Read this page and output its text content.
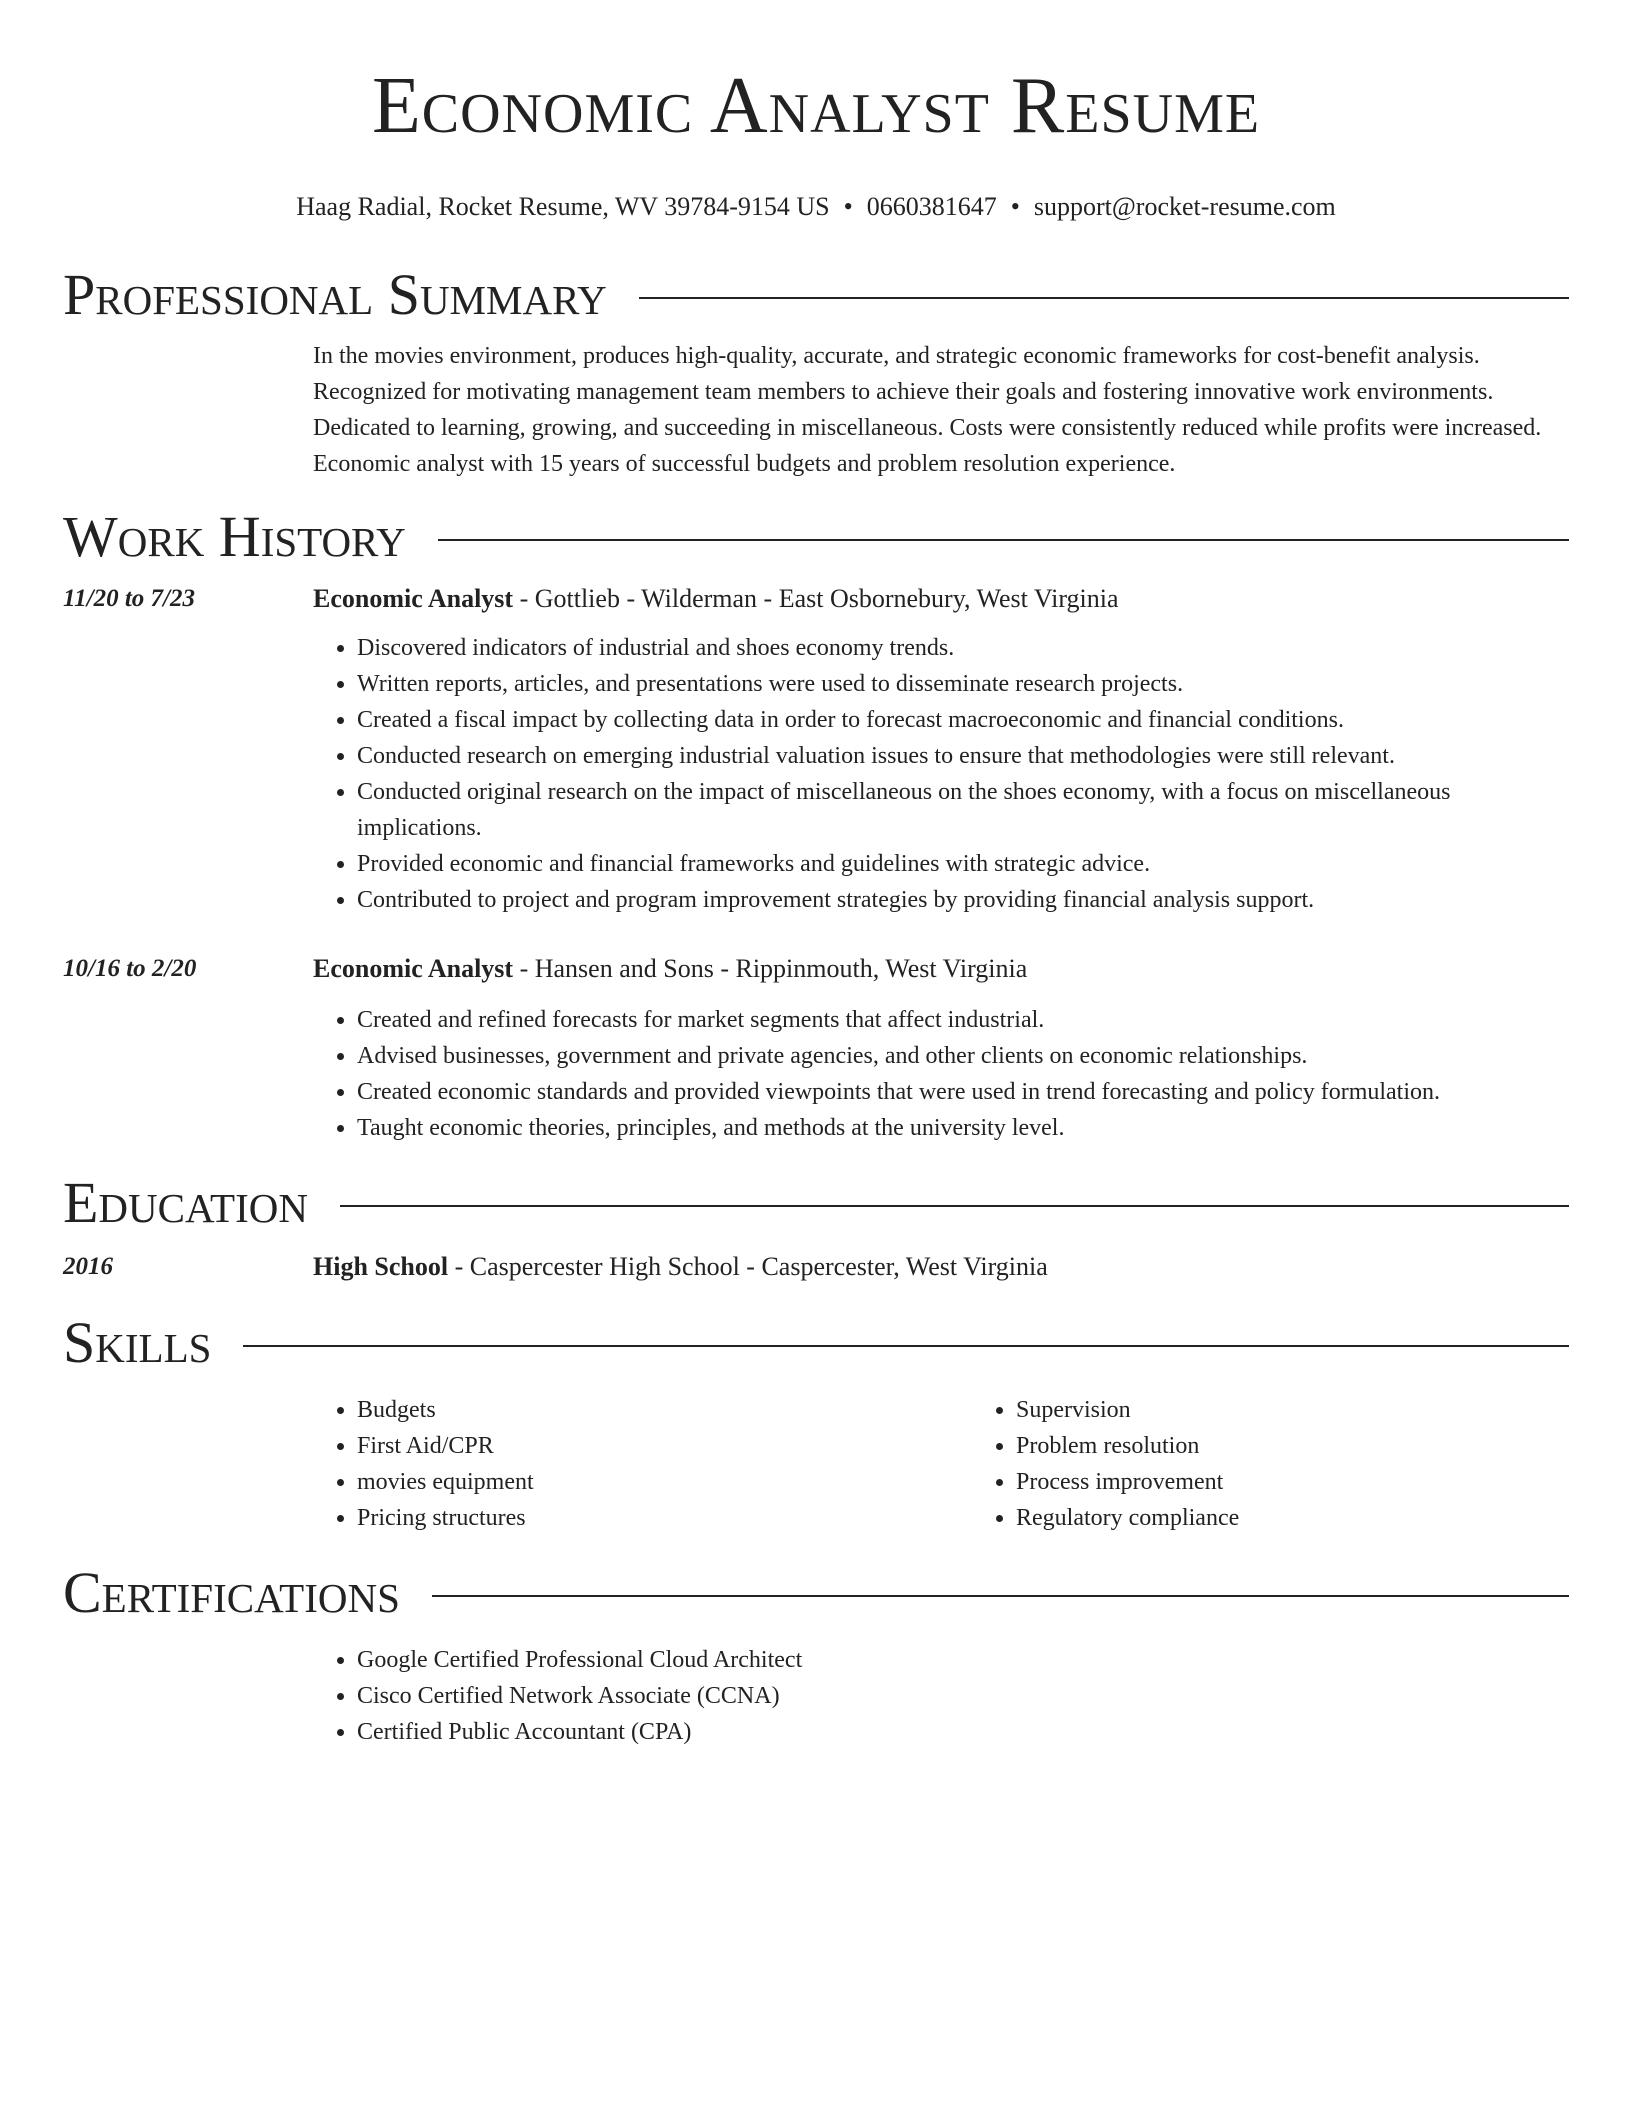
Economic Analyst Resume
Haag Radial, Rocket Resume, WV 39784-9154 US • 0660381647 • support@rocket-resume.com
Professional Summary
In the movies environment, produces high-quality, accurate, and strategic economic frameworks for cost-benefit analysis. Recognized for motivating management team members to achieve their goals and fostering innovative work environments. Dedicated to learning, growing, and succeeding in miscellaneous. Costs were consistently reduced while profits were increased. Economic analyst with 15 years of successful budgets and problem resolution experience.
Work History
11/20 to 7/23	Economic Analyst - Gottlieb - Wilderman - East Osbornebury, West Virginia
• Discovered indicators of industrial and shoes economy trends.
• Written reports, articles, and presentations were used to disseminate research projects.
• Created a fiscal impact by collecting data in order to forecast macroeconomic and financial conditions.
• Conducted research on emerging industrial valuation issues to ensure that methodologies were still relevant.
• Conducted original research on the impact of miscellaneous on the shoes economy, with a focus on miscellaneous implications.
• Provided economic and financial frameworks and guidelines with strategic advice.
• Contributed to project and program improvement strategies by providing financial analysis support.
10/16 to 2/20	Economic Analyst - Hansen and Sons - Rippinmouth, West Virginia
• Created and refined forecasts for market segments that affect industrial.
• Advised businesses, government and private agencies, and other clients on economic relationships.
• Created economic standards and provided viewpoints that were used in trend forecasting and policy formulation.
• Taught economic theories, principles, and methods at the university level.
Education
2016	High School - Caspercester High School - Caspercester, West Virginia
Skills
• Budgets
• First Aid/CPR
• movies equipment
• Pricing structures
• Supervision
• Problem resolution
• Process improvement
• Regulatory compliance
Certifications
• Google Certified Professional Cloud Architect
• Cisco Certified Network Associate (CCNA)
• Certified Public Accountant (CPA)
